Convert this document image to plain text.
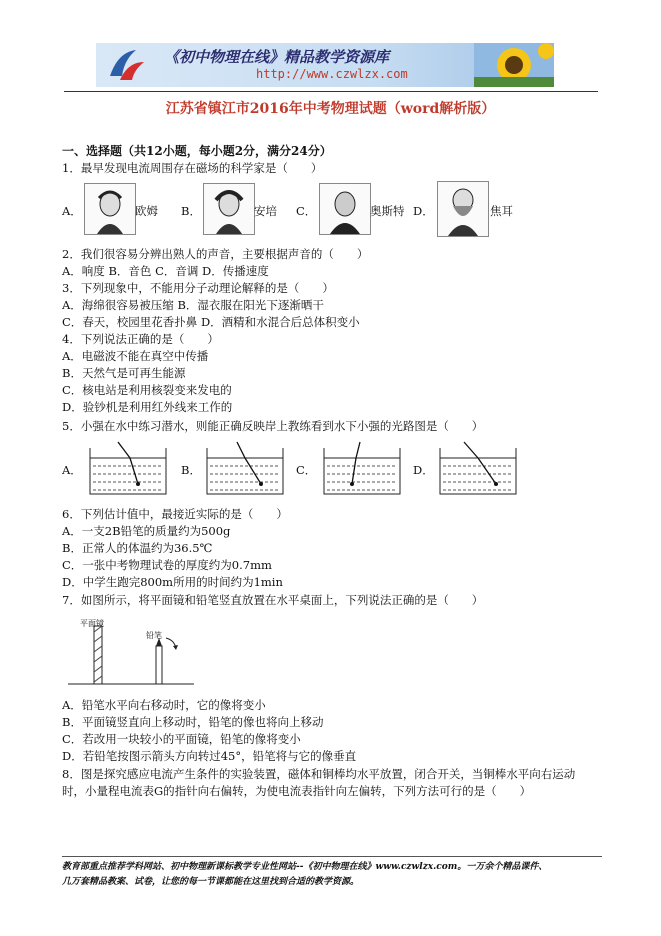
《初中物理在线》精品教学资源库
http://www.czwlzx.com
江苏省镇江市2016年中考物理试题（word解析版）
一、选择题（共12小题，每小题2分，满分24分）
1．最早发现电流周围存在磁场的科学家是（　　）
A．	欧姆 B．	安培 C．	奥斯特 D．	焦耳
2．我们很容易分辨出熟人的声音，主要根据声音的（　　）
A．响度 B．音色 C．音调 D．传播速度
3．下列现象中，不能用分子动理论解释的是（　　）
A．海绵很容易被压缩 B．湿衣服在阳光下逐渐晒干
C．春天，校园里花香扑鼻 D．酒精和水混合后总体积变小
4．下列说法正确的是（　　）
A．电磁波不能在真空中传播
B．天然气是可再生能源
C．核电站是利用核裂变来发电的
D．验钞机是利用红外线来工作的
5．小强在水中练习潜水，则能正确反映岸上教练看到水下小强的光路图是（　　）
A．	B．	C．	D．
6．下列估计值中，最接近实际的是（　　）
A．一支2B铅笔的质量约为500g
B．正常人的体温约为36.5℃
C．一张中考物理试卷的厚度约为0.7mm
D．中学生跑完800m所用的时间约为1min
7．如图所示，将平面镜和铅笔竖直放置在水平桌面上，下列说法正确的是（　　）
平面镜
铅笔
A．铅笔水平向右移动时，它的像将变小
B．平面镜竖直向上移动时，铅笔的像也将向上移动
C．若改用一块较小的平面镜，铅笔的像将变小
D．若铅笔按图示箭头方向转过45°，铅笔将与它的像垂直
8．图是探究感应电流产生条件的实验装置，磁体和铜棒均水平放置，闭合开关，当铜棒水平向右运动
时，小量程电流表G的指针向右偏转，为使电流表指针向左偏转，下列方法可行的是（　　）
教育部重点推荐学科网站、初中物理新课标教学专业性网站--《初中物理在线》www.czwlzx.com。一万余个精品课件、
几万套精品教案、试卷，让您的每一节课都能在这里找到合适的教学资源。
